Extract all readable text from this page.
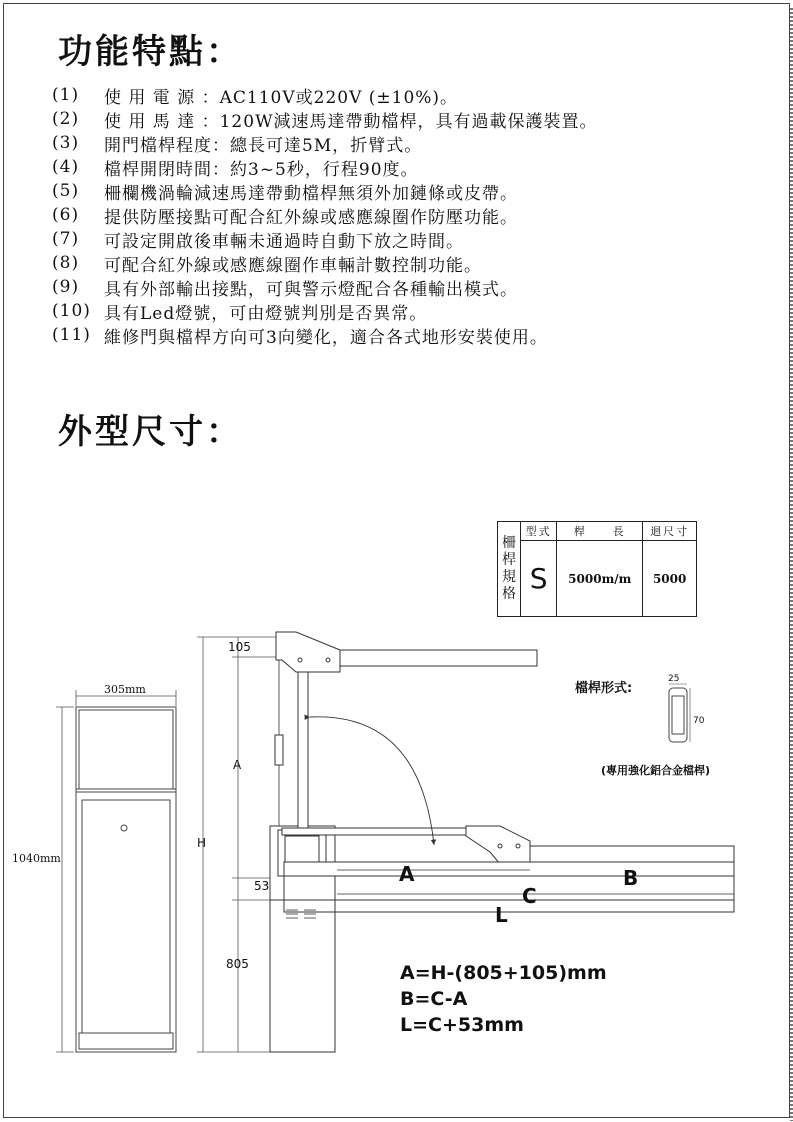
功能特點：
(1)	使 用 電 源 ：AC110V或220V (±10%)。
(2)	使 用 馬 達 ：120W減速馬達帶動檔桿，具有過載保護裝置。
(3)	開門檔桿程度：總長可達5M，折臂式。
(4)	檔桿開閉時間：約3~5秒，行程90度。
(5)	柵欄機渦輪減速馬達帶動檔桿無須外加鏈條或皮帶。
(6)	提供防壓接點可配合紅外線或感應線圈作防壓功能。
(7)	可設定開啟後車輛未通過時自動下放之時間。
(8)	可配合紅外線或感應線圈作車輛計數控制功能。
(9)	具有外部輸出接點，可與警示燈配合各種輸出模式。
(10) 具有Led燈號，可由燈號判別是否異常。
(11) 維修門與檔桿方向可3向變化，適合各式地形安裝使用。
外型尺寸：
柵
桿
規
格	型式	桿　　長	迴尺寸
	S	5000m/m	5000
305mm
1040mm
105
A
H
53
805
A	B
C
L
檔桿形式:
25
70
(專用強化鋁合金檔桿)
A=H-(805+105)mm
B=C-A
L=C+53mm
